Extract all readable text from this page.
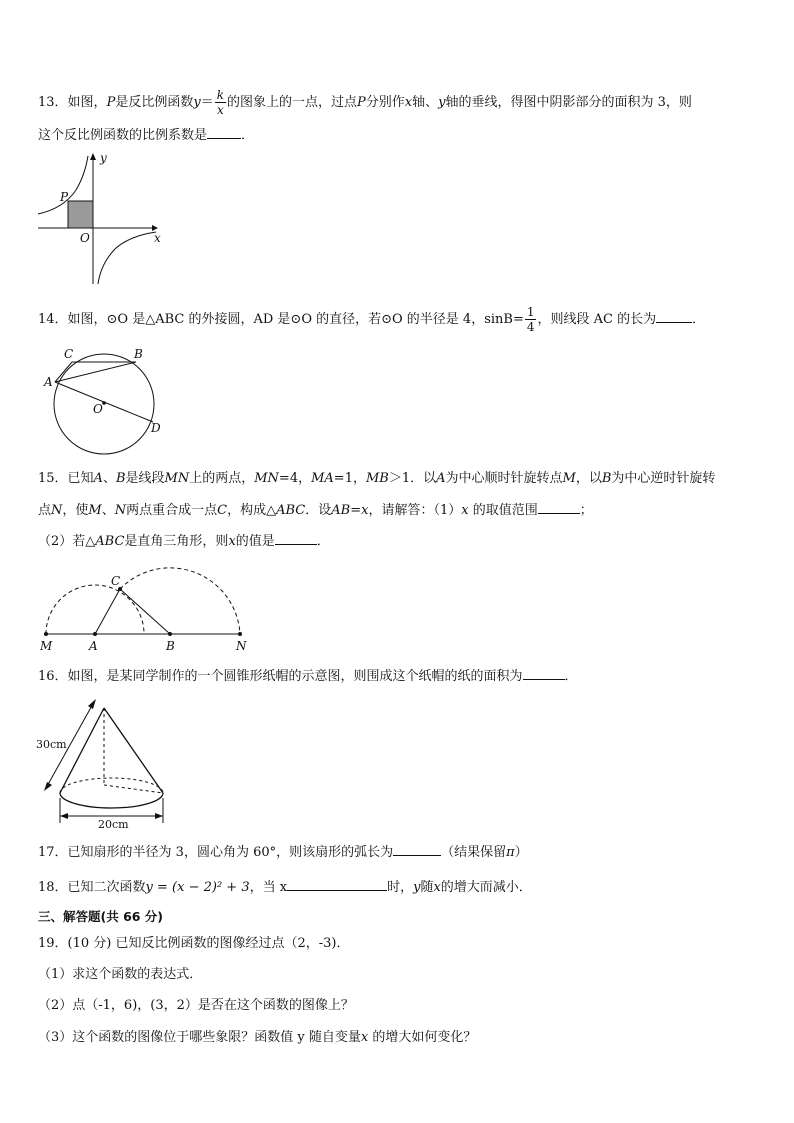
13．如图，P是反比例函数$y= \frac{k}{x}$ 的图象上的一点，过点P分别作x轴、y轴的垂线，得图中阴影部分的面积为 3，则
这个反比例函数的比例系数是	．
P
O	x
y
14．如图，⊙O 是△ABC 的外接圆，AD 是⊙O 的直径，若⊙O 的半径是 4，$\sin B= \frac{1}{4}$ ，则线段 AC 的长为	．
C	B
A
O
D
15．已知A、B是线段MN上的两点，MN=4，MA=1，MB＞1．以A为中心顺时针旋转点M，以B为中心逆时针旋转
点N，使M、N两点重合成一点C，构成△ABC．设AB=x，请解答：（1）x 的取值范围	；
（2）若△ABC是直角三角形，则x的值是	．
C
M	A	B	N
16．如图，是某同学制作的一个圆锥形纸帽的示意图，则围成这个纸帽的纸的面积为	．
30cm
20cm
17．已知扇形的半径为 3，圆心角为 60°，则该扇形的弧长为	（结果保留π）
18．已知二次函数y = (x − 2)² + 3，当 x	时，y随x的增大而减小．
三、解答题(共 66 分)
19．(10 分) 已知反比例函数的图像经过点（2，-3)．
（1）求这个函数的表达式．
（2）点（-1，6)，(3，2）是否在这个函数的图像上？
（3）这个函数的图像位于哪些象限？函数值 y 随自变量x 的增大如何变化？
